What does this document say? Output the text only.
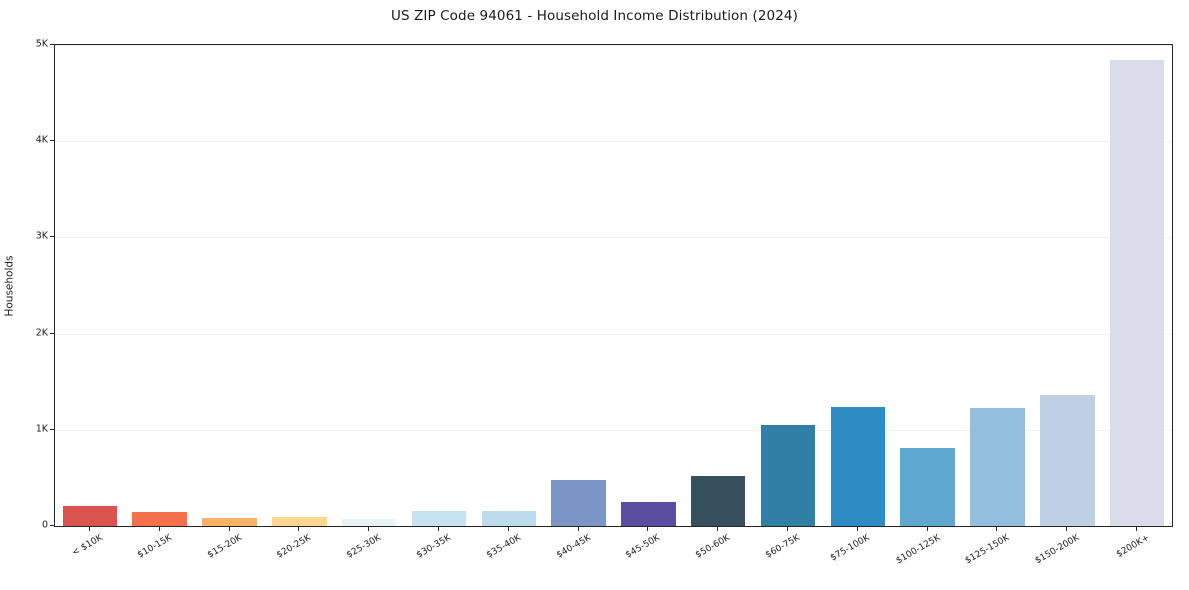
US ZIP Code 94061 - Household Income Distribution (2024)
Households
0
1K
2K
3K
4K
5K
< $10K	$10-15K	$15-20K	$20-25K	$25-30K	$30-35K	$35-40K	$40-45K	$45-50K	$50-60K	$60-75K	$75-100K	$100-125K $125-150K $150-200K	$200K+
